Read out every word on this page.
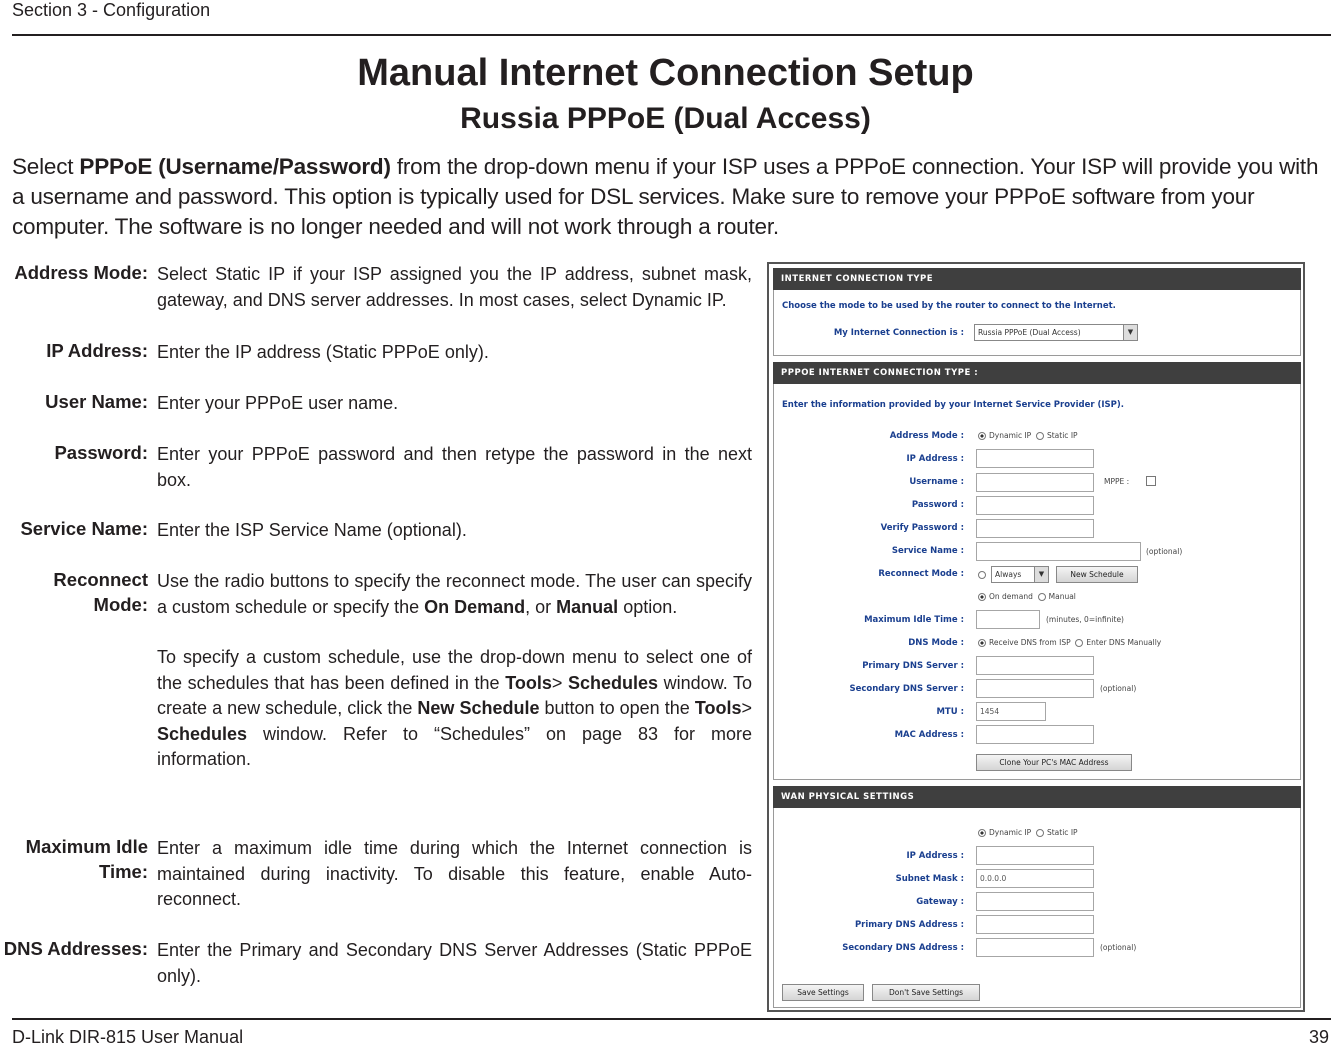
Section 3 - Configuration
Manual Internet Connection Setup
Russia PPPoE (Dual Access)
Select PPPoE (Username/Password) from the drop-down menu if your ISP uses a PPPoE connection. Your ISP will provide you with a username and password. This option is typically used for DSL services. Make sure to remove your PPPoE software from your computer. The software is no longer needed and will not work through a router.
Address Mode: Select Static IP if your ISP assigned you the IP address, subnet mask, gateway, and DNS server addresses. In most cases, select Dynamic IP.
IP Address: Enter the IP address (Static PPPoE only).
User Name: Enter your PPPoE user name.
Password: Enter your PPPoE password and then retype the password in the next box.
Service Name: Enter the ISP Service Name (optional).
Reconnect
Mode:

Use the radio buttons to specify the reconnect mode. The user can specify a custom schedule or specify the On Demand, or Manual option.

To specify a custom schedule, use the drop-down menu to select one of the schedules that has been defined in the Tools> Schedules window. To create a new schedule, click the New Schedule button to open the Tools> Schedules window. Refer to “Schedules” on page 83 for more information.

Maximum Idle
Time:
Enter a maximum idle time during which the Internet connection is maintained during inactivity. To disable this feature, enable Auto-reconnect.
DNS Addresses: Enter the Primary and Secondary DNS Server Addresses (Static PPPoE only).
INTERNET CONNECTION TYPE
Choose the mode to be used by the router to connect to the Internet.
My Internet Connection is :	Russia PPPoE (Dual Access)	▼
PPPOE INTERNET CONNECTION TYPE :
Enter the information provided by your Internet Service Provider (ISP).
Address Mode :	Dynamic IP Static IP
IP Address :
Username :	MPPE :
Password :
Verify Password :
Service Name :	(optional)
Reconnect Mode :	Always	▼	New Schedule
On demand Manual
Maximum Idle Time :	(minutes, 0=infinite)
DNS Mode :	Receive DNS from ISP Enter DNS Manually
Primary DNS Server :
Secondary DNS Server :	(optional)
MTU :	1454
MAC Address :
Clone Your PC's MAC Address
WAN PHYSICAL SETTINGS
Dynamic IP Static IP
IP Address :
Subnet Mask :	0.0.0.0
Gateway :
Primary DNS Address :
Secondary DNS Address :	(optional)
Save Settings	Don't Save Settings
D-Link DIR-815 User Manual	39
